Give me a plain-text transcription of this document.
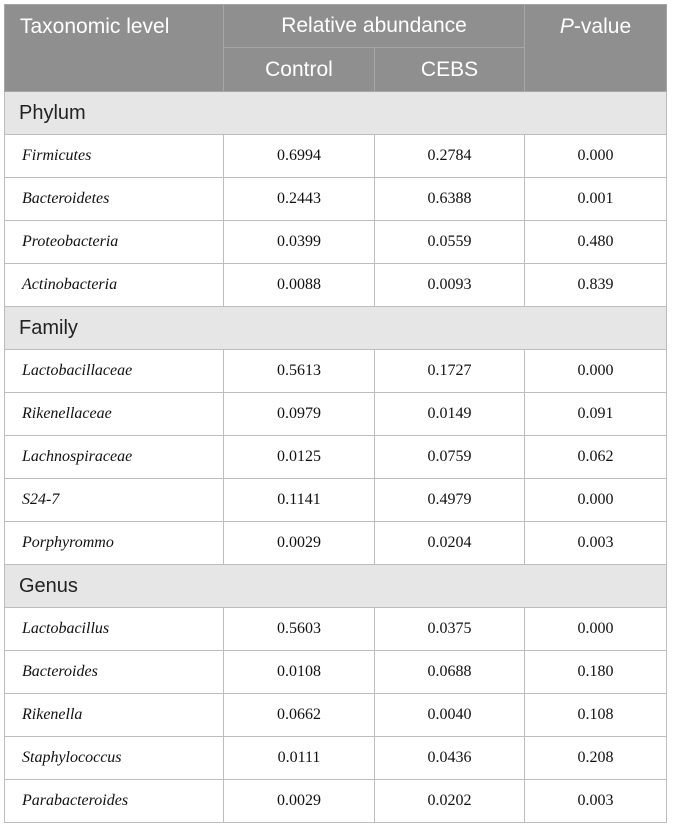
Taxonomic level	Relative abundance		P-value
	Control	CEBS	
Phylum			
Firmicutes	0.6994	0.2784	0.000
Bacteroidetes	0.2443	0.6388	0.001
Proteobacteria	0.0399	0.0559	0.480
Actinobacteria	0.0088	0.0093	0.839
Family			
Lactobacillaceae	0.5613	0.1727	0.000
Rikenellaceae	0.0979	0.0149	0.091
Lachnospiraceae	0.0125	0.0759	0.062
S24-7	0.1141	0.4979	0.000
Porphyrommo	0.0029	0.0204	0.003
Genus			
Lactobacillus	0.5603	0.0375	0.000
Bacteroides	0.0108	0.0688	0.180
Rikenella	0.0662	0.0040	0.108
Staphylococcus	0.0111	0.0436	0.208
Parabacteroides	0.0029	0.0202	0.003
